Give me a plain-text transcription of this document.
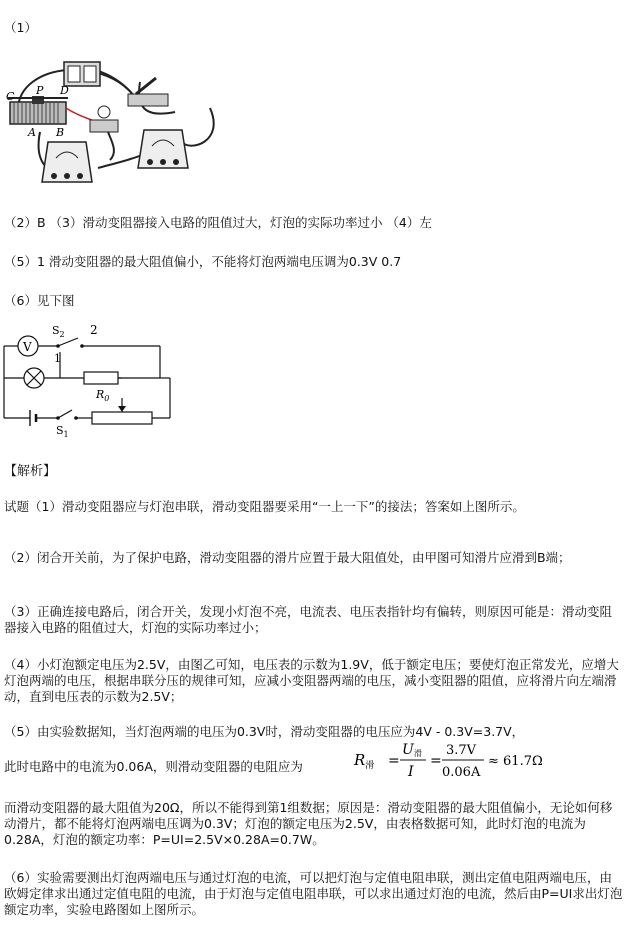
（1）
C P D
A B
（2）B （3）滑动变阻器接入电路的阻值过大，灯泡的实际功率过小 （4）左
（5）1 滑动变阻器的最大阻值偏小，不能将灯泡两端电压调为0.3V 0.7
（6）见下图
V
$S_2$ 2
1
$R_0$
$S_1$
【解析】
试题（1）滑动变阻器应与灯泡串联，滑动变阻器要采用“一上一下”的接法；答案如上图所示。
（2）闭合开关前，为了保护电路，滑动变阻器的滑片应置于最大阻值处，由甲图可知滑片应滑到B端；
（3）正确连接电路后，闭合开关，发现小灯泡不亮，电流表、电压表指针均有偏转，则原因可能是：滑动变阻器接入电路的阻值过大，灯泡的实际功率过小；
（4）小灯泡额定电压为2.5V，由图乙可知，电压表的示数为1.9V，低于额定电压；要使灯泡正常发光，应增大灯泡两端的电压，根据串联分压的规律可知，应减小变阻器两端的电压，减小变阻器的阻值，应将滑片向左端滑动，直到电压表的示数为2.5V；
（5）由实验数据知，当灯泡两端的电压为0.3V时，滑动变阻器的电压应为4V - 0.3V=3.7V，
此时电路中的电流为0.06A，则滑动变阻器的电阻应为	$R_滑$ =
U滑
I
=
3.7V
0.06A
≈ 61.7Ω
而滑动变阻器的最大阻值为20Ω，所以不能得到第1组数据；原因是：滑动变阻器的最大阻值偏小，无论如何移动滑片，都不能将灯泡两端电压调为0.3V；灯泡的额定电压为2.5V，由表格数据可知，此时灯泡的电流为0.28A，灯泡的额定功率：P=UI=2.5V×0.28A=0.7W。
（6）实验需要测出灯泡两端电压与通过灯泡的电流，可以把灯泡与定值电阻串联，测出定值电阻两端电压，由欧姆定律求出通过定值电阻的电流，由于灯泡与定值电阻串联，可以求出通过灯泡的电流，然后由P=UI求出灯泡额定功率，实验电路图如上图所示。
